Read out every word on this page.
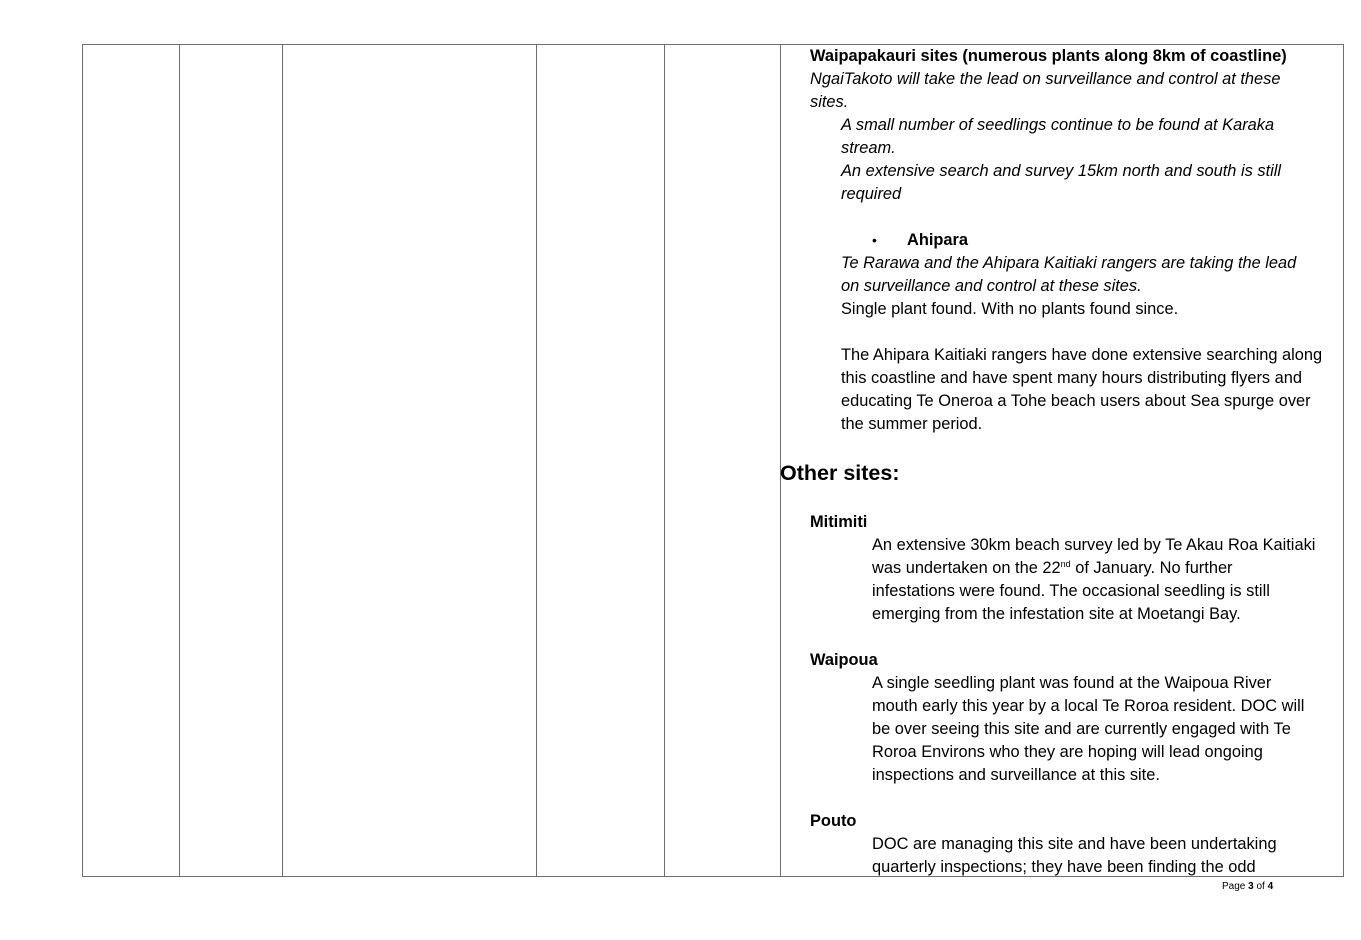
Waipapakauri sites (numerous plants along 8km of coastline)
NgaiTakoto will take the lead on surveillance and control at these
sites.
A small number of seedlings continue to be found at Karaka
stream.
An extensive search and survey 15km north and south is still
required
• Ahipara
Te Rarawa and the Ahipara Kaitiaki rangers are taking the lead
on surveillance and control at these sites.
Single plant found. With no plants found since.
The Ahipara Kaitiaki rangers have done extensive searching along
this coastline and have spent many hours distributing flyers and
educating Te Oneroa a Tohe beach users about Sea spurge over
the summer period.
Other sites:
Mitimiti
An extensive 30km beach survey led by Te Akau Roa Kaitiaki
was undertaken on the 22nd of January. No further
infestations were found. The occasional seedling is still
emerging from the infestation site at Moetangi Bay.
Waipoua
A single seedling plant was found at the Waipoua River
mouth early this year by a local Te Roroa resident. DOC will
be over seeing this site and are currently engaged with Te
Roroa Environs who they are hoping will lead ongoing
inspections and surveillance at this site.
Pouto
DOC are managing this site and have been undertaking
quarterly inspections; they have been finding the odd
Page 3 of 4
